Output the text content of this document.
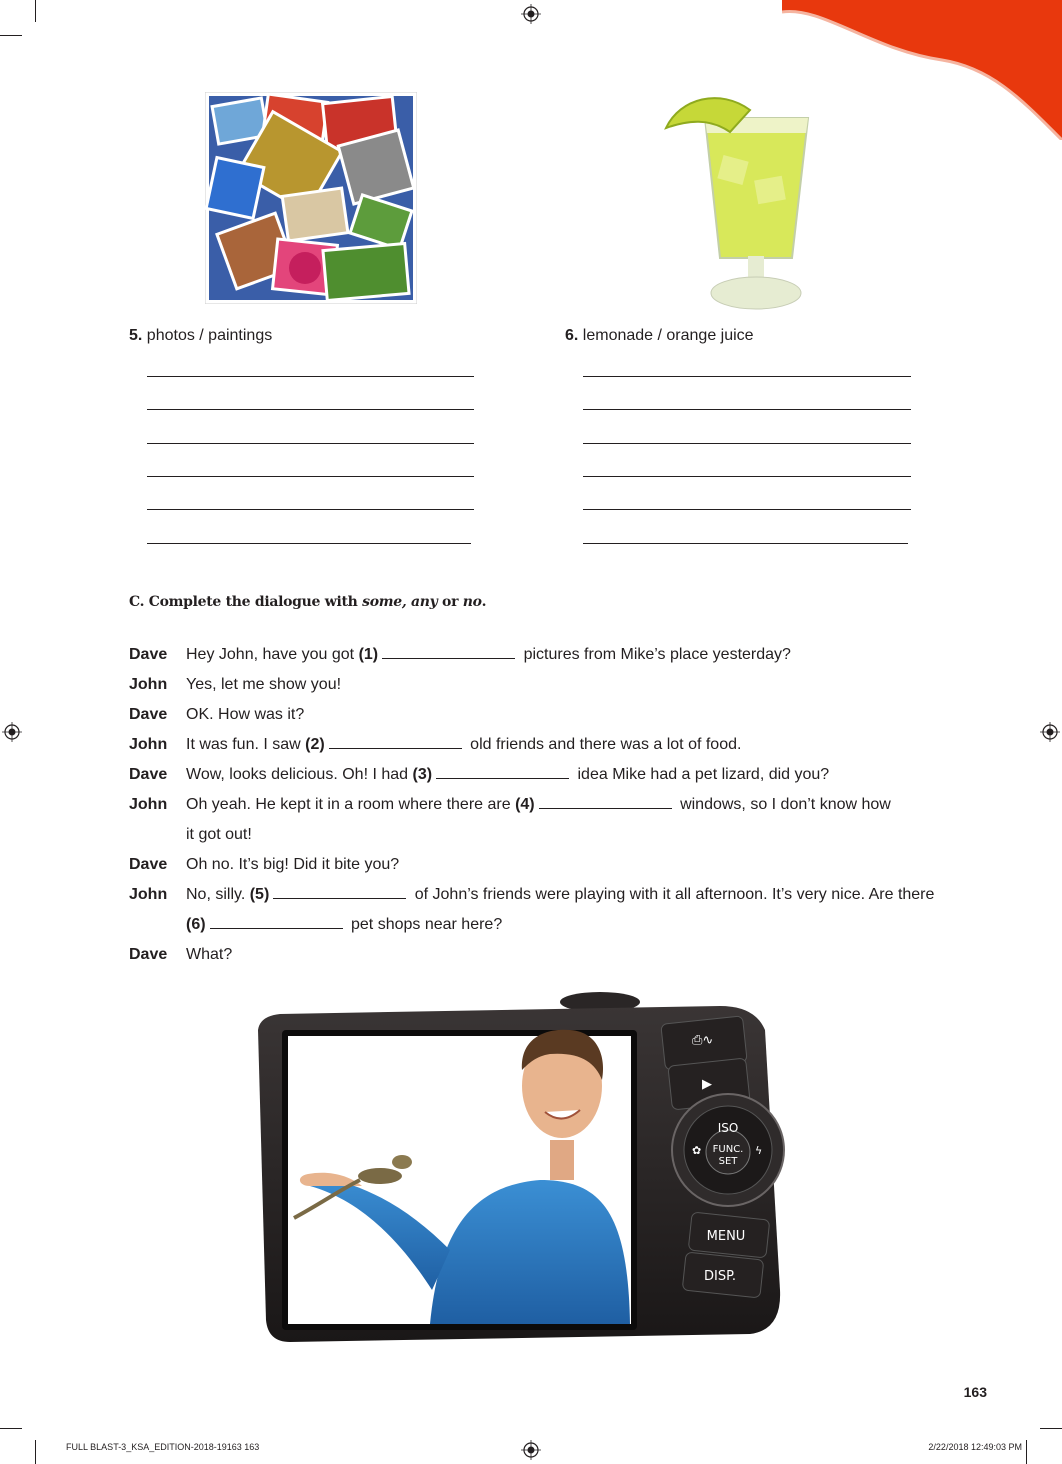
5. photos / paintings	6. lemonade / orange juice
C. Complete the dialogue with some, any or no.
Dave	Hey John, have you got (1)	pictures from Mike’s place yesterday?
John	Yes, let me show you!
Dave	OK. How was it?
John	It was fun. I saw (2)	old friends and there was a lot of food.
Dave	Wow, looks delicious. Oh! I had (3)	idea Mike had a pet lizard, did you?
John	Oh yeah. He kept it in a room where there are (4)	windows, so I don’t know how
it got out!
Dave	Oh no. It’s big! Did it bite you?
John	No, silly. (5)	of John’s friends were playing with it all afternoon. It’s very nice. Are there
(6)	pet shops near here?
Dave	What?
⎙∿
▶
ISO
FUNC.
SET
✿	ϟ
MENU
DISP.
163
FULL BLAST-3_KSA_EDITION-2018-19163 163	2/22/2018 12:49:03 PM
